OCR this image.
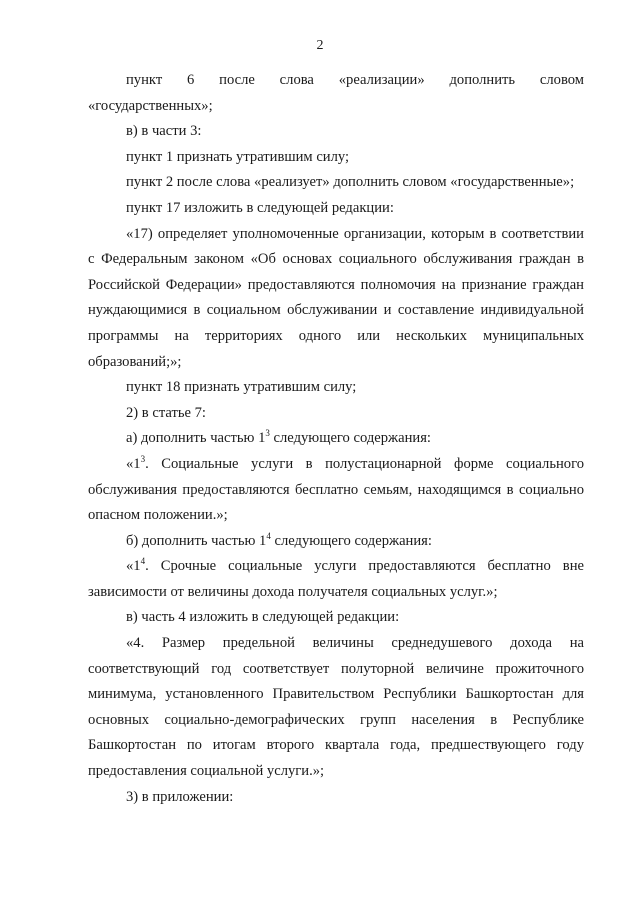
2

пункт 6 после слова «реализации» дополнить словом «государственных»;

в) в части 3:

пункт 1 признать утратившим силу;

пункт 2 после слова «реализует» дополнить словом «государственные»;

пункт 17 изложить в следующей редакции:

«17) определяет уполномоченные организации, которым в соответствии с Федеральным законом «Об основах социального обслуживания граждан в Российской Федерации» предоставляются полномочия на признание граждан нуждающимися в социальном обслуживании и составление индивидуальной программы на территориях одного или нескольких муниципальных образований;»;

пункт 18 признать утратившим силу;

2) в статье 7:

а) дополнить частью $1^3$ следующего содержания:

«$1^3$. Социальные услуги в полустационарной форме социального обслуживания предоставляются бесплатно семьям, находящимся в социально опасном положении.»;

б) дополнить частью $1^4$ следующего содержания:

«$1^4$. Срочные социальные услуги предоставляются бесплатно вне зависимости от величины дохода получателя социальных услуг.»;

в) часть 4 изложить в следующей редакции:

«4. Размер предельной величины среднедушевого дохода на соответствующий год соответствует полуторной величине прожиточного минимума, установленного Правительством Республики Башкортостан для основных социально-демографических групп населения в Республике Башкортостан по итогам второго квартала года, предшествующего году предоставления социальной услуги.»;

3) в приложении:
